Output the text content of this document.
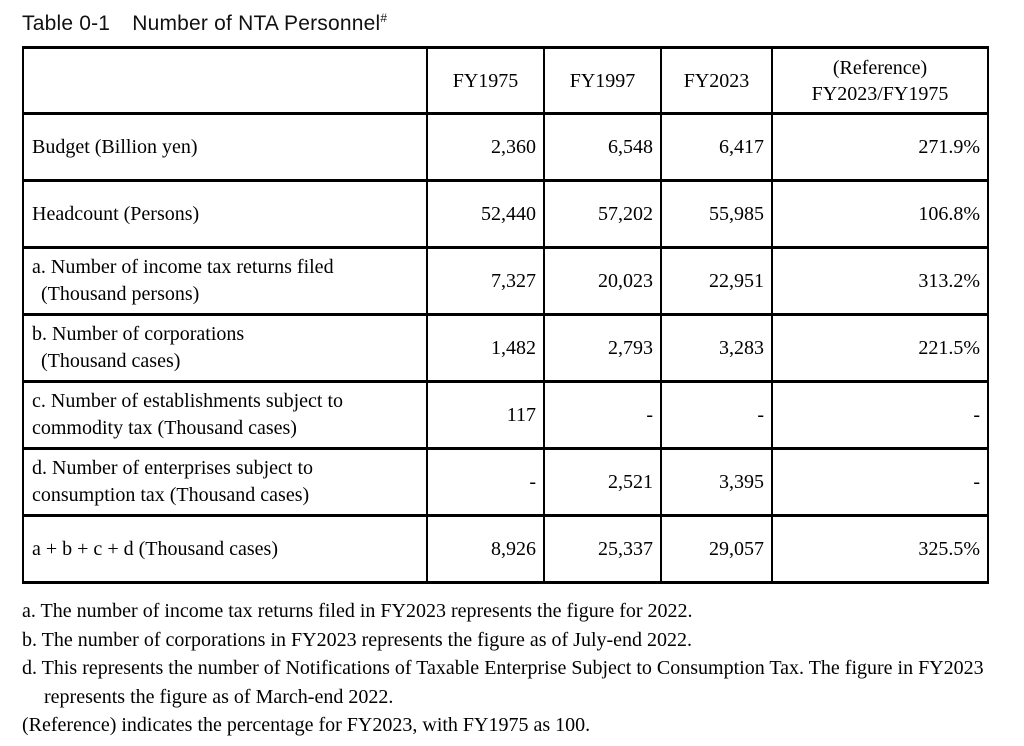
Table 0-1 Number of NTA Personnel#
	FY1975	FY1997	FY2023	(Reference)
FY2023/FY1975

Budget (Billion yen)	2,360	6,548	6,417	271.9%
Headcount (Persons)	52,440	57,202	55,985	106.8%

a. Number of income tax returns filed
(Thousand persons)	7,327	20,023	22,951	313.2%

b. Number of corporations
(Thousand cases)	1,482	2,793	3,283	221.5%

c. Number of establishments subject to
commodity tax (Thousand cases)	117	-	-	-

d. Number of enterprises subject to
consumption tax (Thousand cases)	-	2,521	3,395	-
a + b + c + d (Thousand cases)	8,926	25,337	29,057	325.5%
a. The number of income tax returns filed in FY2023 represents the figure for 2022.
b. The number of corporations in FY2023 represents the figure as of July-end 2022.
d. This represents the number of Notifications of Taxable Enterprise Subject to Consumption Tax. The figure in FY2023
represents the figure as of March-end 2022.
(Reference) indicates the percentage for FY2023, with FY1975 as 100.
